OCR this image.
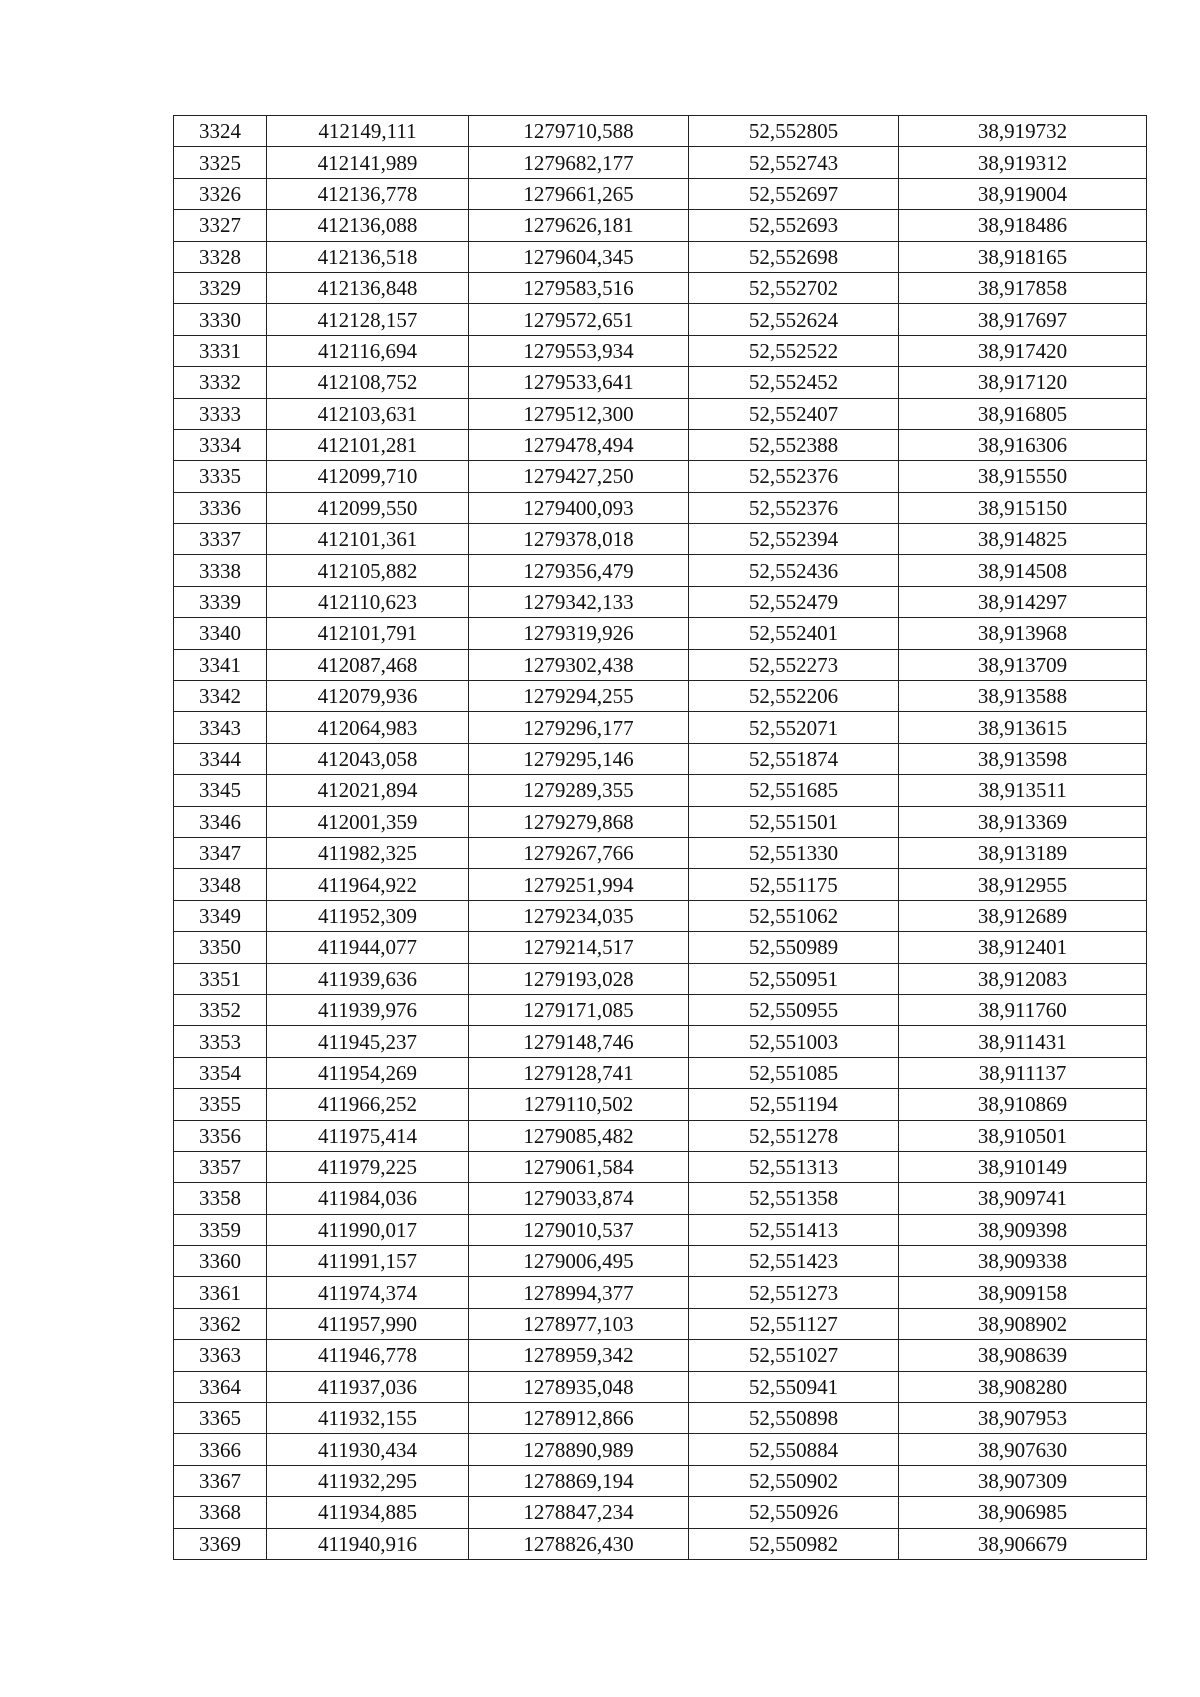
3324	412149,111	1279710,588	52,552805	38,919732
3325	412141,989	1279682,177	52,552743	38,919312
3326	412136,778	1279661,265	52,552697	38,919004
3327	412136,088	1279626,181	52,552693	38,918486
3328	412136,518	1279604,345	52,552698	38,918165
3329	412136,848	1279583,516	52,552702	38,917858
3330	412128,157	1279572,651	52,552624	38,917697
3331	412116,694	1279553,934	52,552522	38,917420
3332	412108,752	1279533,641	52,552452	38,917120
3333	412103,631	1279512,300	52,552407	38,916805
3334	412101,281	1279478,494	52,552388	38,916306
3335	412099,710	1279427,250	52,552376	38,915550
3336	412099,550	1279400,093	52,552376	38,915150
3337	412101,361	1279378,018	52,552394	38,914825
3338	412105,882	1279356,479	52,552436	38,914508
3339	412110,623	1279342,133	52,552479	38,914297
3340	412101,791	1279319,926	52,552401	38,913968
3341	412087,468	1279302,438	52,552273	38,913709
3342	412079,936	1279294,255	52,552206	38,913588
3343	412064,983	1279296,177	52,552071	38,913615
3344	412043,058	1279295,146	52,551874	38,913598
3345	412021,894	1279289,355	52,551685	38,913511
3346	412001,359	1279279,868	52,551501	38,913369
3347	411982,325	1279267,766	52,551330	38,913189
3348	411964,922	1279251,994	52,551175	38,912955
3349	411952,309	1279234,035	52,551062	38,912689
3350	411944,077	1279214,517	52,550989	38,912401
3351	411939,636	1279193,028	52,550951	38,912083
3352	411939,976	1279171,085	52,550955	38,911760
3353	411945,237	1279148,746	52,551003	38,911431
3354	411954,269	1279128,741	52,551085	38,911137
3355	411966,252	1279110,502	52,551194	38,910869
3356	411975,414	1279085,482	52,551278	38,910501
3357	411979,225	1279061,584	52,551313	38,910149
3358	411984,036	1279033,874	52,551358	38,909741
3359	411990,017	1279010,537	52,551413	38,909398
3360	411991,157	1279006,495	52,551423	38,909338
3361	411974,374	1278994,377	52,551273	38,909158
3362	411957,990	1278977,103	52,551127	38,908902
3363	411946,778	1278959,342	52,551027	38,908639
3364	411937,036	1278935,048	52,550941	38,908280
3365	411932,155	1278912,866	52,550898	38,907953
3366	411930,434	1278890,989	52,550884	38,907630
3367	411932,295	1278869,194	52,550902	38,907309
3368	411934,885	1278847,234	52,550926	38,906985
3369	411940,916	1278826,430	52,550982	38,906679
